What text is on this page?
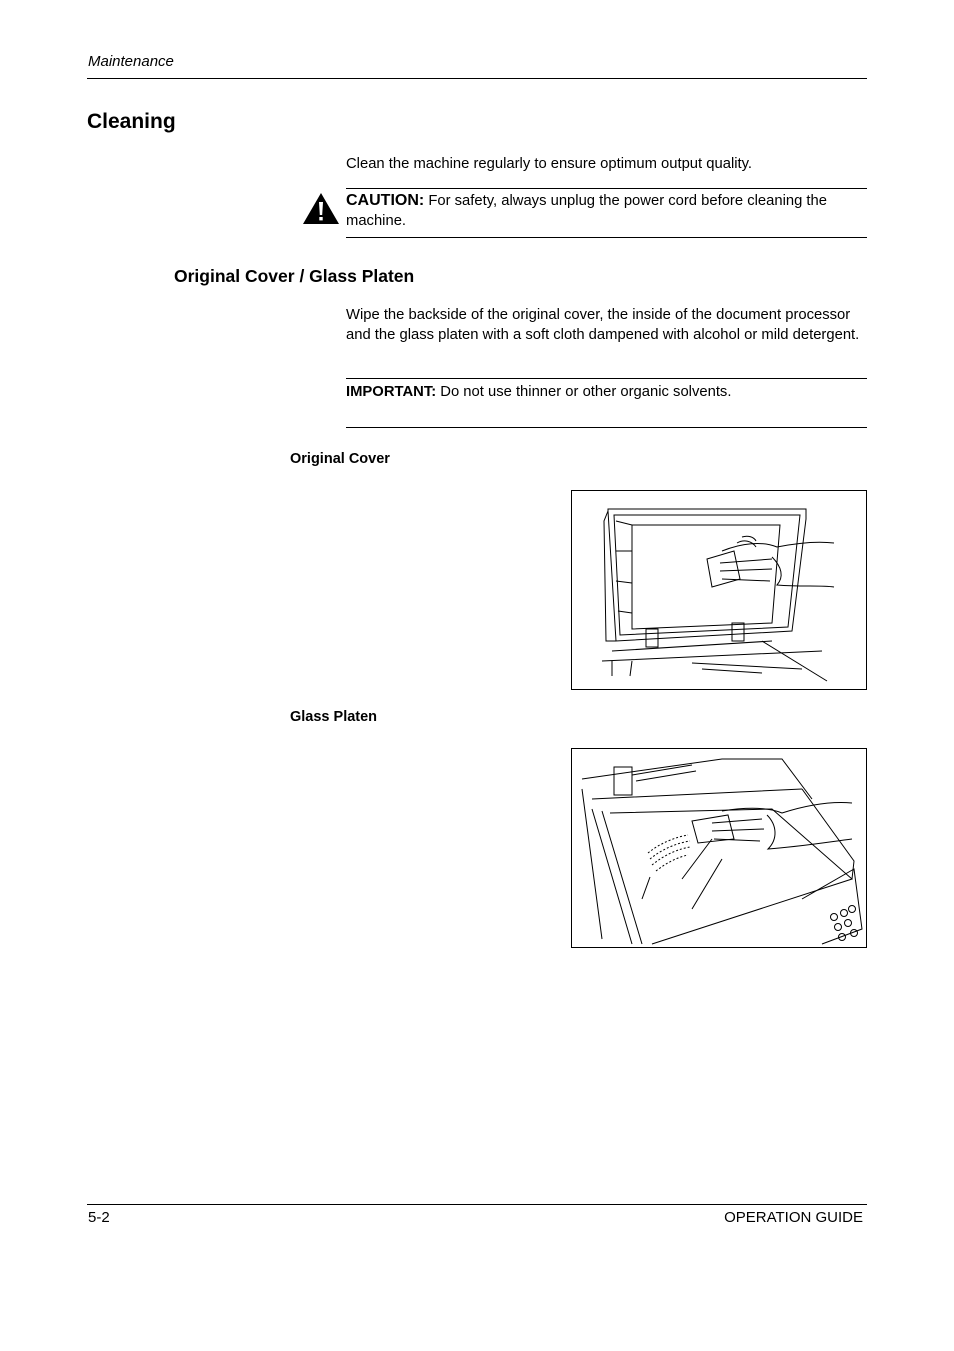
Maintenance
Cleaning
Clean the machine regularly to ensure optimum output quality.
CAUTION: For safety, always unplug the power cord before cleaning the machine.
Original Cover / Glass Platen
Wipe the backside of the original cover, the inside of the document processor and the glass platen with a soft cloth dampened with alcohol or mild detergent.
IMPORTANT: Do not use thinner or other organic solvents.
Original Cover
Glass Platen
5-2	OPERATION GUIDE
